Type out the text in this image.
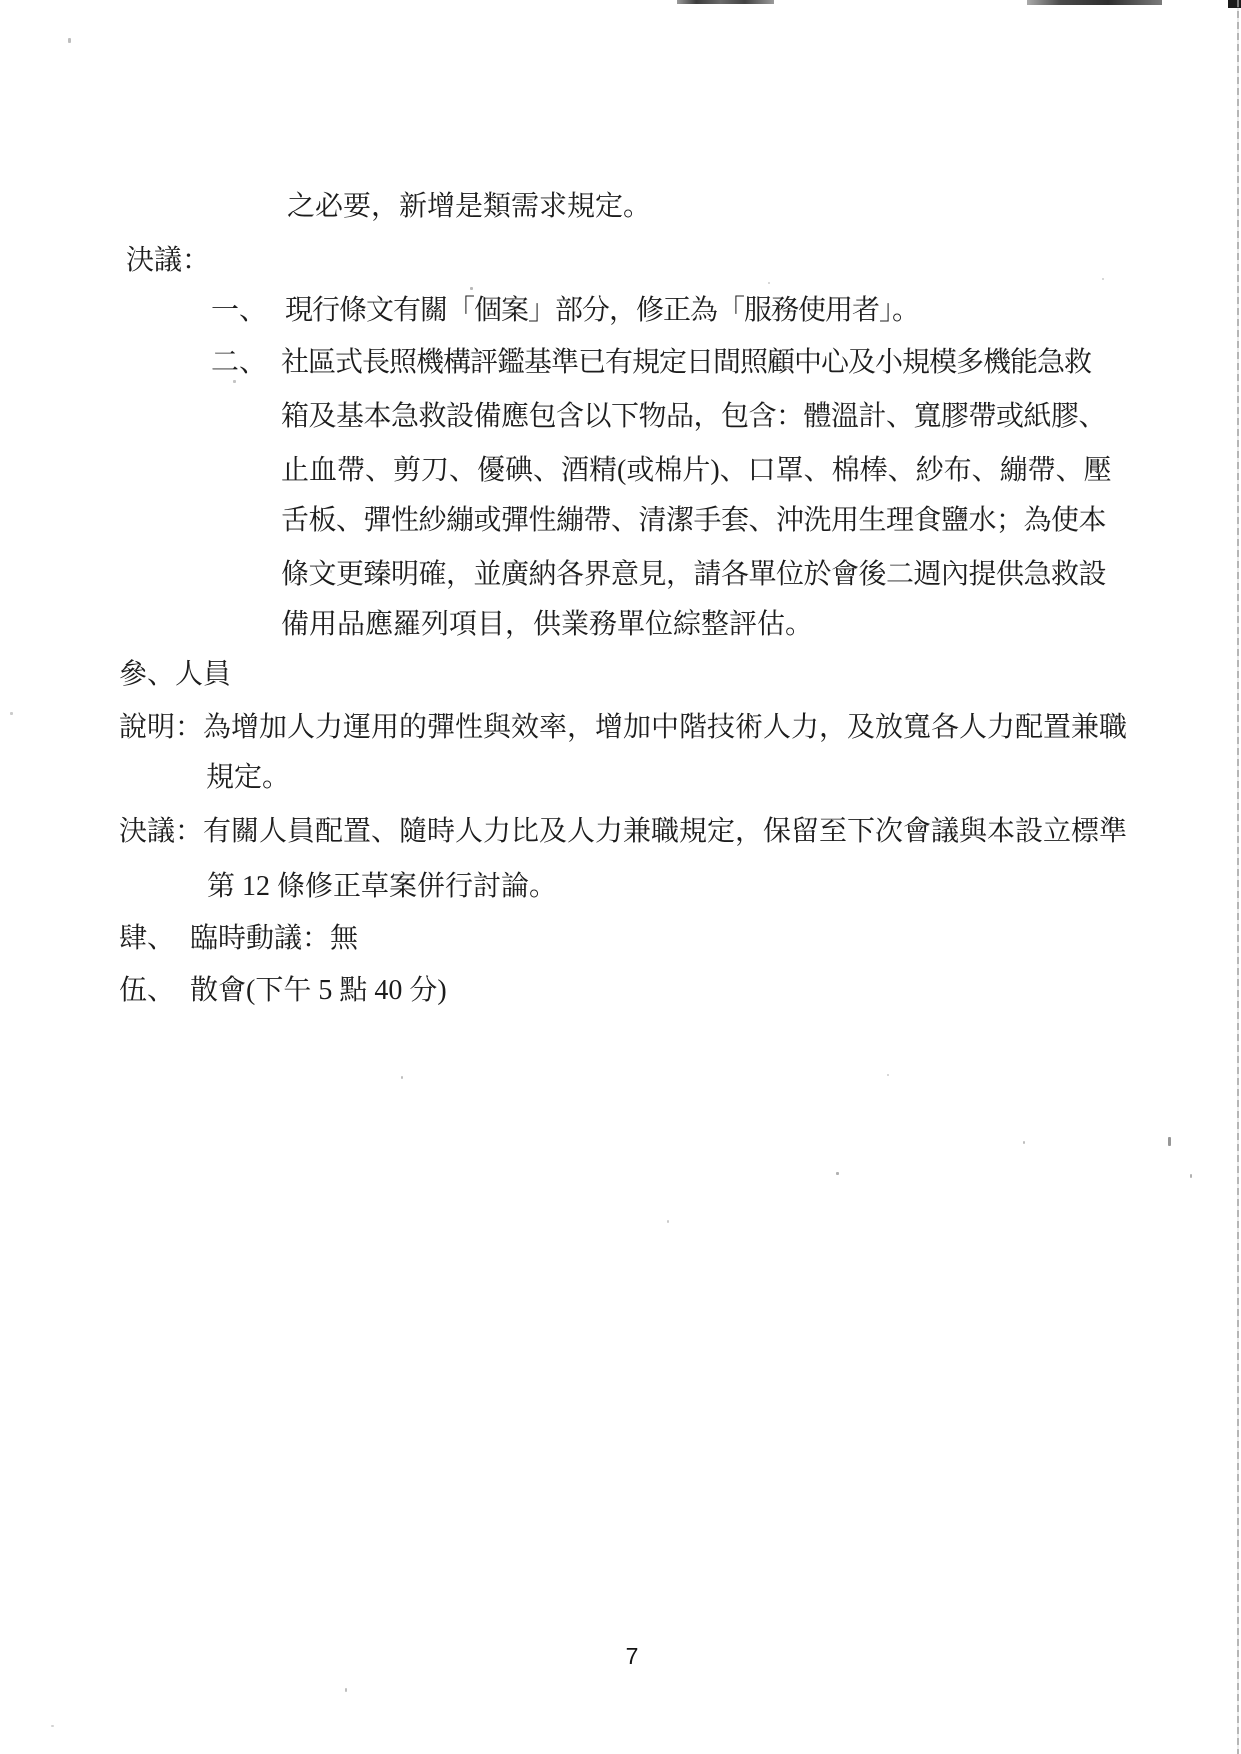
之必要，新增是類需求規定。
決議：
一、 現行條文有關「個案」部分，修正為「服務使用者」。
二、 社區式長照機構評鑑基準已有規定日間照顧中心及小規模多機能急救
箱及基本急救設備應包含以下物品，包含：體溫計、寬膠帶或紙膠、
止血帶、剪刀、優碘、酒精(或棉片)、口罩、棉棒、紗布、繃帶、壓
舌板、彈性紗繃或彈性繃帶、清潔手套、沖洗用生理食鹽水；為使本
條文更臻明確，並廣納各界意見，請各單位於會後二週內提供急救設
備用品應羅列項目，供業務單位綜整評估。
參、人員
說明：為增加人力運用的彈性與效率，增加中階技術人力，及放寬各人力配置兼職
規定。
決議：有關人員配置、隨時人力比及人力兼職規定，保留至下次會議與本設立標準
第 12 條修正草案併行討論。
肆、 臨時動議：無
伍、 散會(下午 5 點 40 分)
7
